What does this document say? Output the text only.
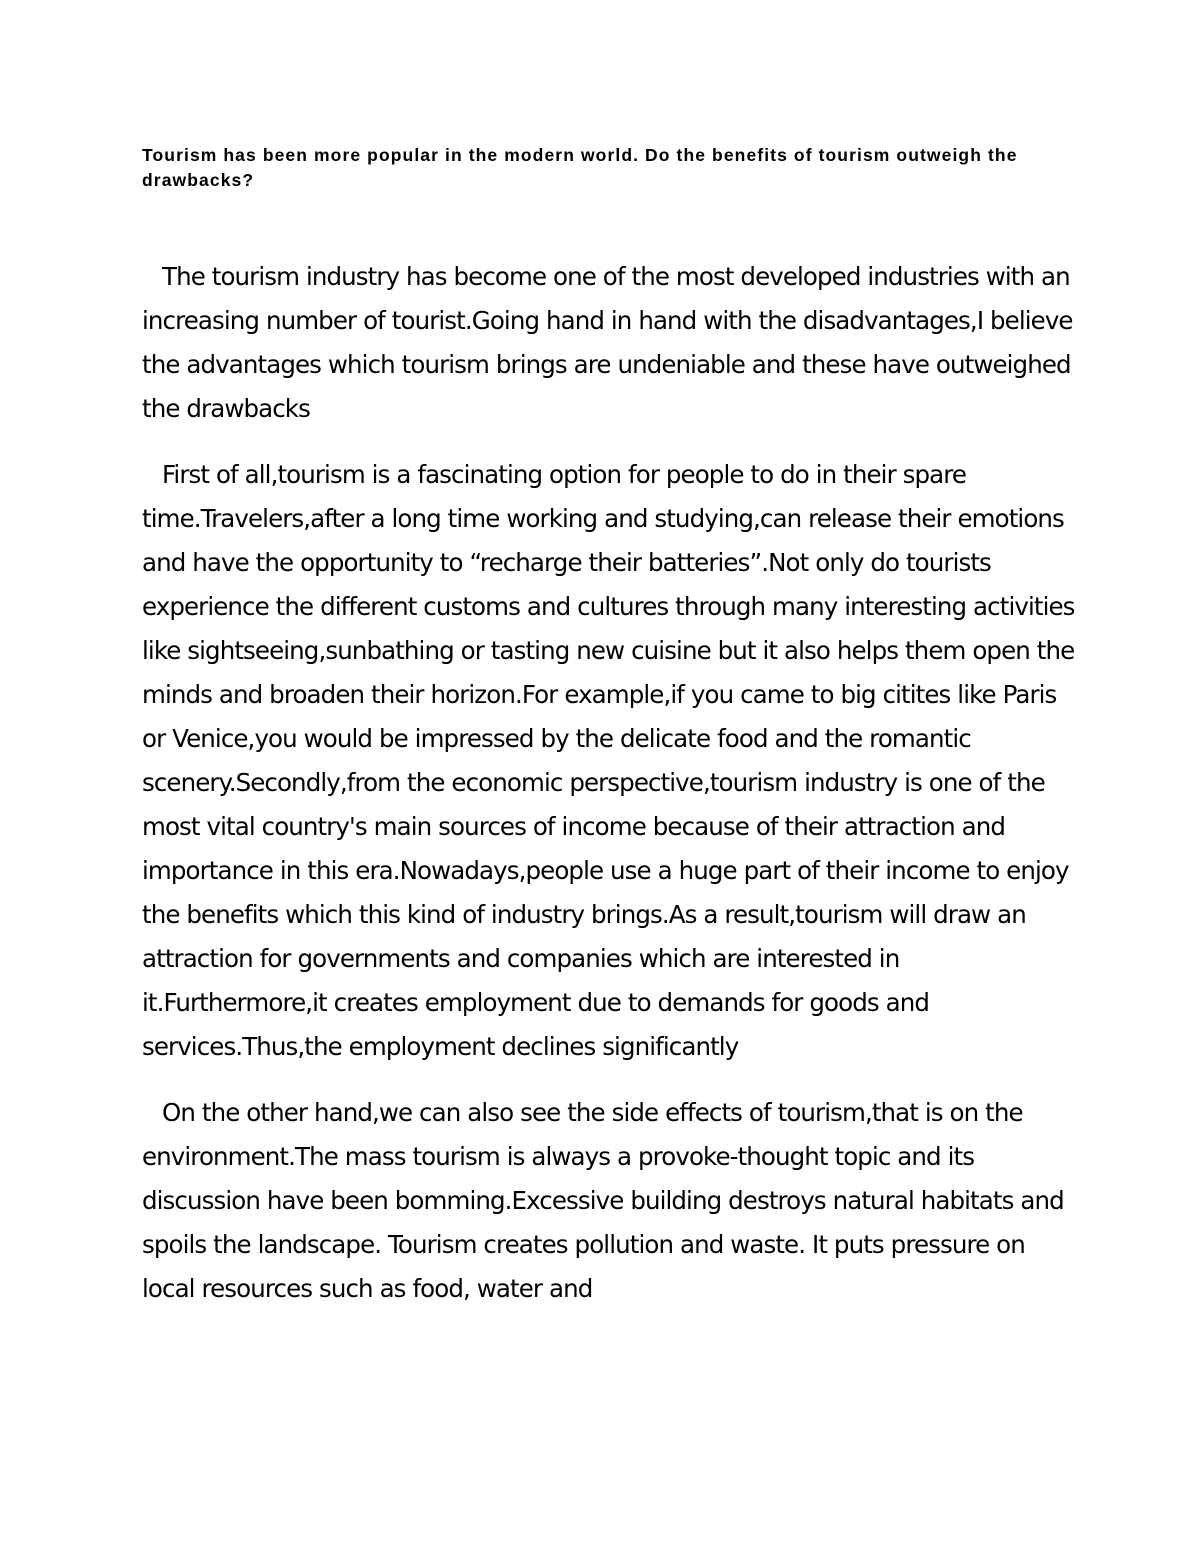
Tourism has been more popular in the modern world. Do the benefits of tourism outweigh the drawbacks?

The tourism industry has become one of the most developed industries with an increasing number of tourist.Going hand in hand with the disadvantages,I believe the advantages which tourism brings are undeniable and these have outweighed the drawbacks

First of all,tourism is a fascinating option for people to do in their spare time.Travelers,after a long time working and studying,can release their emotions and have the opportunity to “recharge their batteries”.Not only do tourists experience the different customs and cultures through many interesting activities like sightseeing,sunbathing or tasting new cuisine but it also helps them open the minds and broaden their horizon.For example,if you came to big citites like Paris or Venice,you would be impressed by the delicate food and the romantic scenery.Secondly,from the economic perspective,tourism industry is one of the most vital country's main sources of income because of their attraction and importance in this era.Nowadays,people use a huge part of their income to enjoy the benefits which this kind of industry brings.As a result,tourism will draw an attraction for governments and companies which are interested in it.Furthermore,it creates employment due to demands for goods and services.Thus,the employment declines significantly

On the other hand,we can also see the side effects of tourism,that is on the environment.The mass tourism is always a provoke-thought topic and its discussion have been bomming.Excessive building destroys natural habitats and spoils the landscape. Tourism creates pollution and waste. It puts pressure on local resources such as food, water and
